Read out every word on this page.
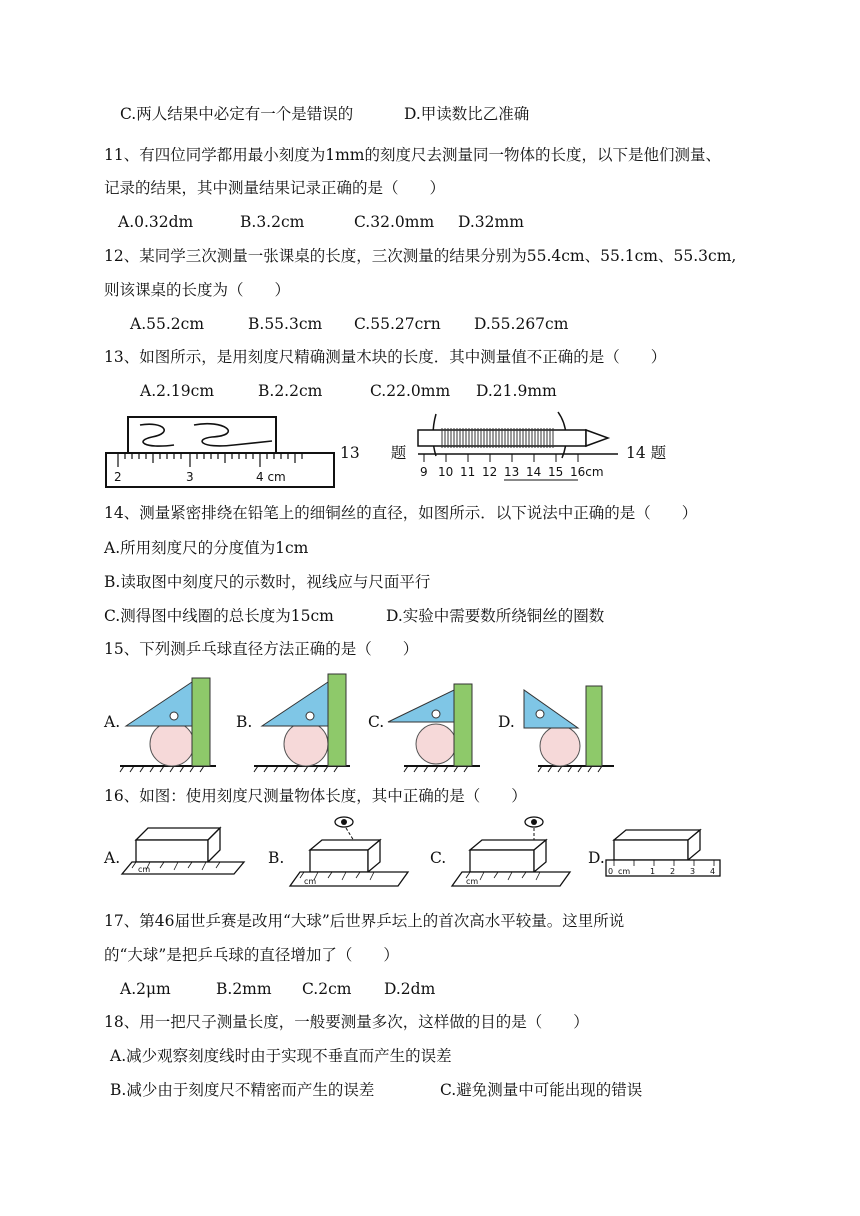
C.两人结果中必定有一个是错误的	D.甲读数比乙准确
11、有四位同学都用最小刻度为1mm的刻度尺去测量同一物体的长度，以下是他们测量、
记录的结果，其中测量结果记录正确的是（　　）
A.0.32dm	B.3.2cm	C.32.0mm D.32mm
12、某同学三次测量一张课桌的长度，三次测量的结果分别为55.4cm、55.1cm、55.3cm,
则该课桌的长度为（　　）
A.55.2cm	B.55.3cm C.55.27crn D.55.267cm
13、如图所示，是用刻度尺精确测量木块的长度．其中测量值不正确的是（　　）
A.2.19cm	B.2.2cm	C.22.0mm D.21.9mm
2	3	4 cm
13　　题
9 10 11 12 13 14 15 16cm
14 题
14、测量紧密排绕在铅笔上的细铜丝的直径，如图所示．以下说法中正确的是（　　）
A.所用刻度尺的分度值为1cm
B.读取图中刻度尺的示数时，视线应与尺面平行
C.测得图中线圈的总长度为15cm	D.实验中需要数所绕铜丝的圈数
15、下列测乒乓球直径方法正确的是（　　）
A.	B.	C.	D.
16、如图：使用刻度尺测量物体长度，其中正确的是（　　）
A.
cm
B.
cm
C.
cm
D.
0 cm 1 2 3 4
17、第46届世乒赛是改用“大球”后世界乒坛上的首次高水平较量。这里所说
的“大球”是把乒乓球的直径增加了（　　）
A.2μm	B.2mm C.2cm D.2dm
18、用一把尺子测量长度，一般要测量多次，这样做的目的是（　　）
A.减少观察刻度线时由于实现不垂直而产生的误差
B.减少由于刻度尺不精密而产生的误差	C.避免测量中可能出现的错误
